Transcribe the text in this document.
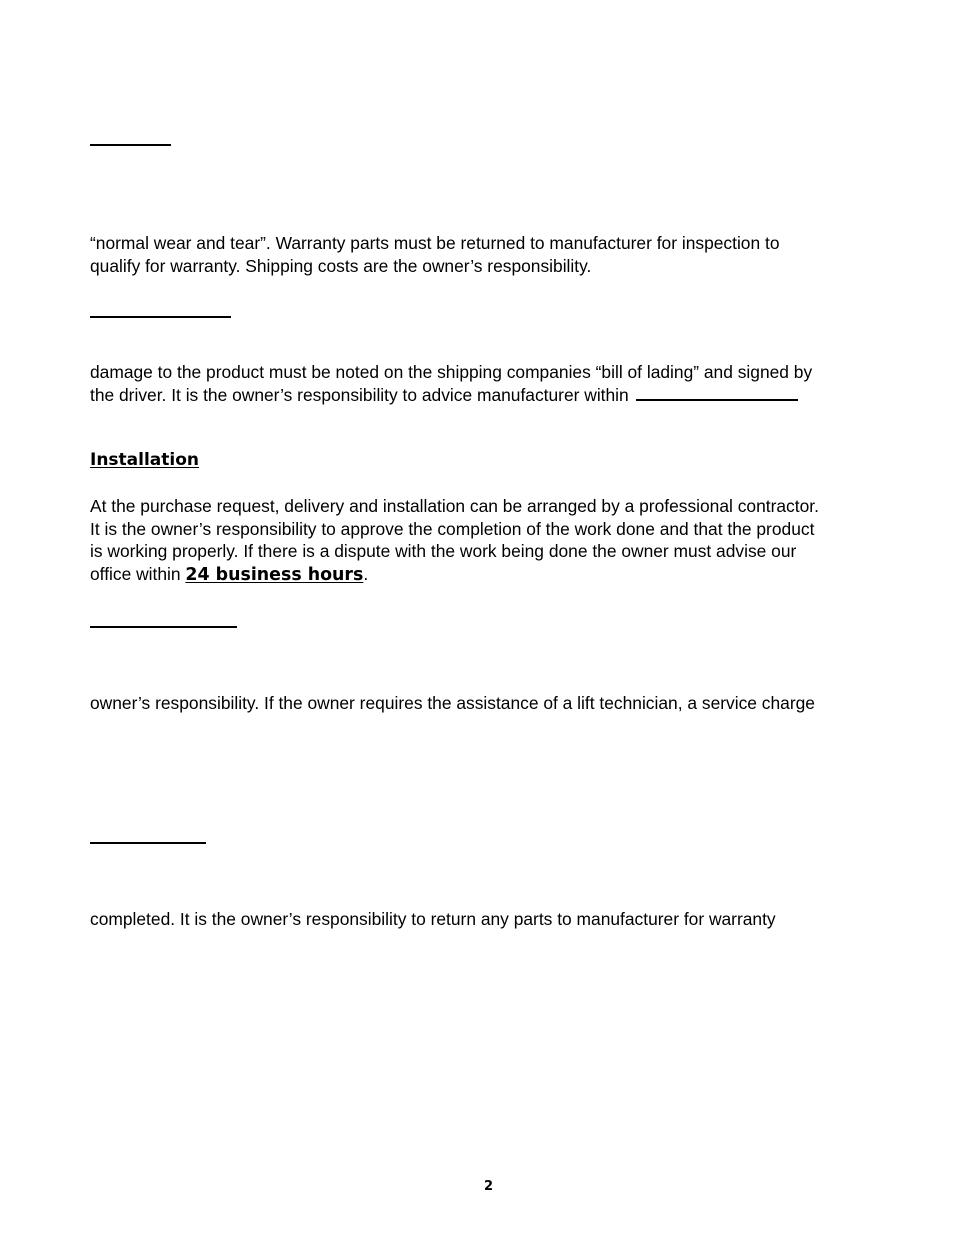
“normal wear and tear”. Warranty parts must be returned to manufacturer for inspection to
qualify for warranty. Shipping costs are the owner’s responsibility.
damage to the product must be noted on the shipping companies “bill of lading” and signed by
the driver. It is the owner’s responsibility to advice manufacturer within
Installation
At the purchase request, delivery and installation can be arranged by a professional contractor.
It is the owner’s responsibility to approve the completion of the work done and that the product
is working properly. If there is a dispute with the work being done the owner must advise our
office within 24 business hours.
owner’s responsibility. If the owner requires the assistance of a lift technician, a service charge
completed. It is the owner’s responsibility to return any parts to manufacturer for warranty
2
